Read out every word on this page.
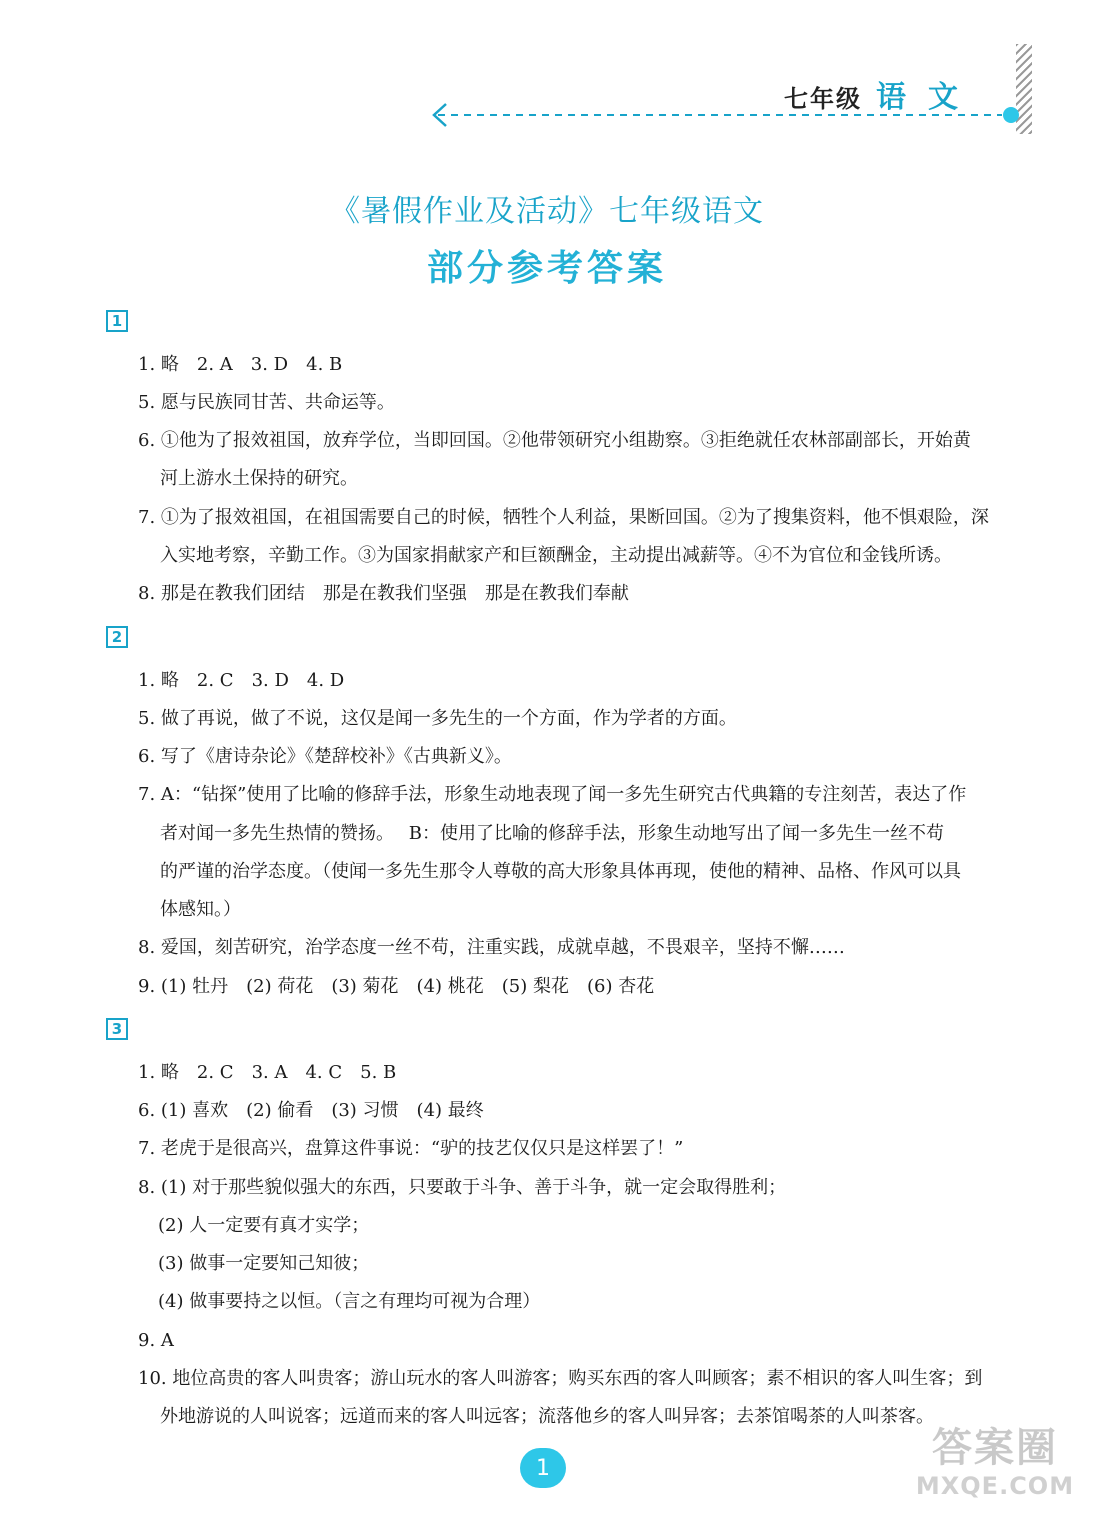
七年级 语文
《暑假作业及活动》七年级语文
部分参考答案
1
1. 略　2. A　3. D　4. B
5. 愿与民族同甘苦、共命运等。
6. ①他为了报效祖国，放弃学位，当即回国。②他带领研究小组勘察。③拒绝就任农林部副部长，开始黄
河上游水土保持的研究。
7. ①为了报效祖国，在祖国需要自己的时候，牺牲个人利益，果断回国。②为了搜集资料，他不惧艰险，深
入实地考察，辛勤工作。③为国家捐献家产和巨额酬金，主动提出减薪等。④不为官位和金钱所诱。
8. 那是在教我们团结　那是在教我们坚强　那是在教我们奉献
2
1. 略　2. C　3. D　4. D
5. 做了再说，做了不说，这仅是闻一多先生的一个方面，作为学者的方面。
6. 写了《唐诗杂论》《楚辞校补》《古典新义》。
7. A：“钻探”使用了比喻的修辞手法，形象生动地表现了闻一多先生研究古代典籍的专注刻苦，表达了作
者对闻一多先生热情的赞扬。　 B：使用了比喻的修辞手法，形象生动地写出了闻一多先生一丝不苟
的严谨的治学态度。（使闻一多先生那令人尊敬的高大形象具体再现，使他的精神、品格、作风可以具
体感知。）
8. 爱国，刻苦研究，治学态度一丝不苟，注重实践，成就卓越，不畏艰辛，坚持不懈……
9. (1) 牡丹　(2) 荷花　(3) 菊花　(4) 桃花　(5) 梨花　(6) 杏花
3
1. 略　2. C　3. A　4. C　5. B
6. (1) 喜欢　(2) 偷看　(3) 习惯　(4) 最终
7. 老虎于是很高兴，盘算这件事说：“驴的技艺仅仅只是这样罢了！”
8. (1) 对于那些貌似强大的东西，只要敢于斗争、善于斗争，就一定会取得胜利；
(2) 人一定要有真才实学；
(3) 做事一定要知己知彼；
(4) 做事要持之以恒。（言之有理均可视为合理）
9. A
10. 地位高贵的客人叫贵客；游山玩水的客人叫游客；购买东西的客人叫顾客；素不相识的客人叫生客；到
外地游说的人叫说客；远道而来的客人叫远客；流落他乡的客人叫异客；去茶馆喝茶的人叫茶客。
1	答案圈
MXQE.COM
